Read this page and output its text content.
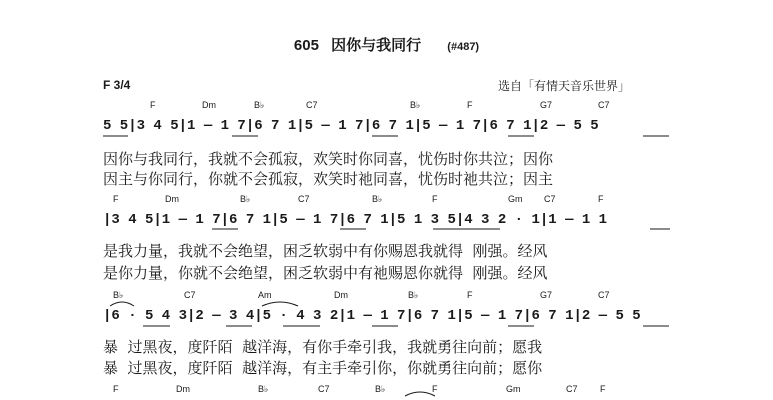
605 因你与我同行 (#487)
F 3/4	选自「有情天音乐世界」
F	Dm	B♭	C7	B♭	F	G7	C7
5 5|3 4 5|1 — 1 7|6 7 1|5 — 1 7|6 7 1|5 — 1 7|6 7 1|2 — 5 5
因你与我同行，我就不会孤寂，欢笑时你同喜，忧伤时你共泣；因你
因主与你同行，你就不会孤寂，欢笑时祂同喜，忧伤时祂共泣；因主
F	Dm	B♭	C7	B♭	F	Gm C7	F
|3 4 5|1 — 1 7|6 7 1|5 — 1 7|6 7 1|5 1 3 5|4 3 2 · 1|1 — 1 1
是我力量，我就不会绝望，困乏软弱中有你赐恩我就得  刚强。经风
是你力量，你就不会绝望，困乏软弱中有祂赐恩你就得  刚强。经风
B♭	C7	Am	Dm	B♭	F	G7	C7
|6 · 5 4 3|2 — 3 4|5 · 4 3 2|1 — 1 7|6 7 1|5 — 1 7|6 7 1|2 — 5 5
暴  过黑夜，度阡陌  越洋海，有你手牵引我，我就勇往向前；愿我
暴  过黑夜，度阡陌  越洋海，有主手牵引你，你就勇往向前；愿你
F	Dm	B♭	C7	B♭	F	Gm	C7 F
